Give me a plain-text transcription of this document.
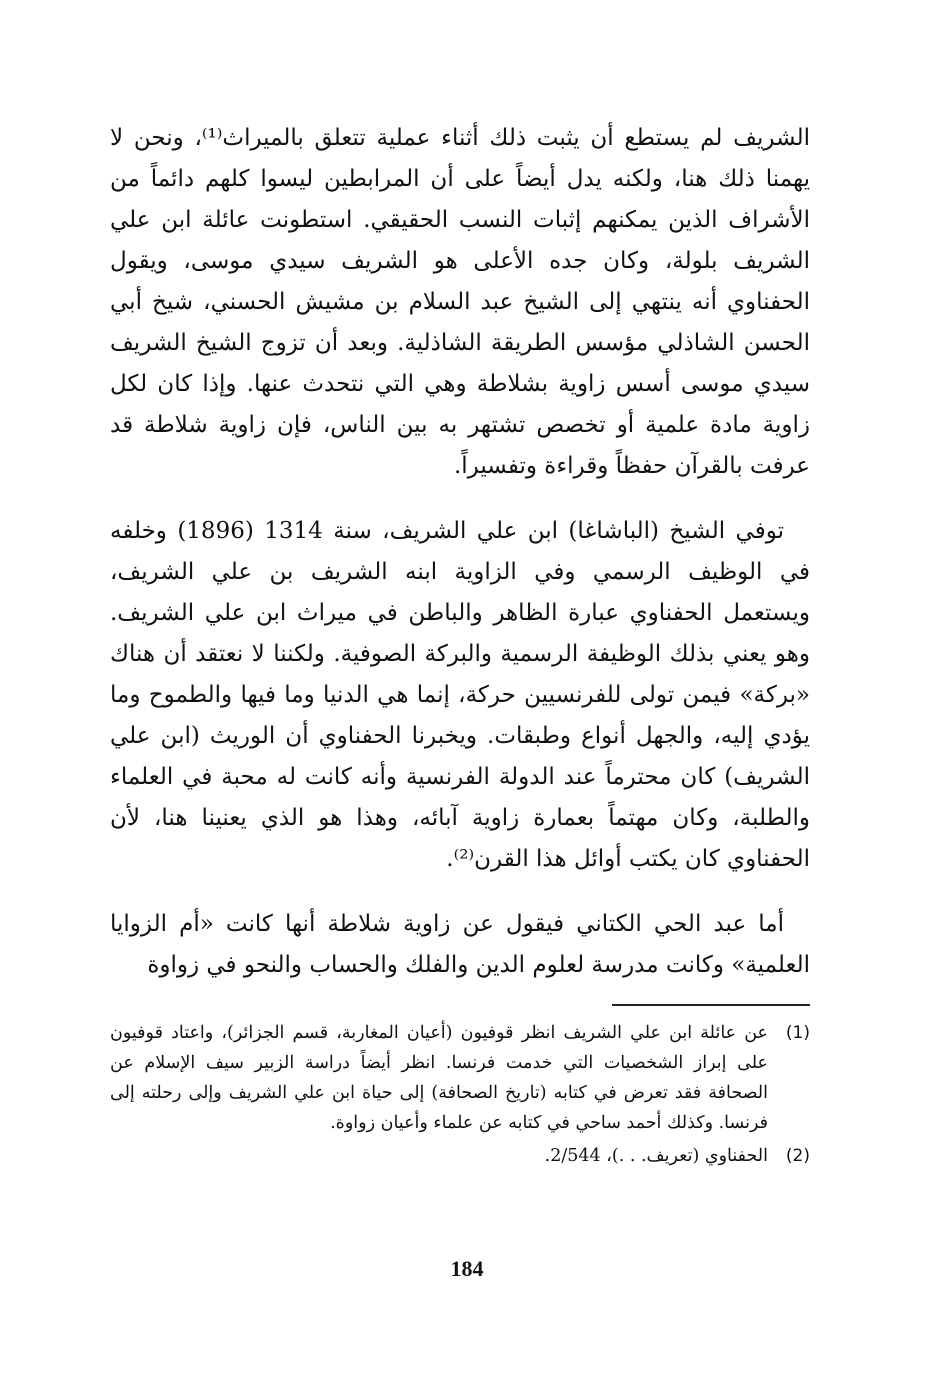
الشريف لم يستطع أن يثبت ذلك أثناء عملية تتعلق بالميراث⁽¹⁾، ونحن لا يهمنا ذلك هنا، ولكنه يدل أيضاً على أن المرابطين ليسوا كلهم دائماً من الأشراف الذين يمكنهم إثبات النسب الحقيقي. استطونت عائلة ابن علي الشريف بلولة، وكان جده الأعلى هو الشريف سيدي موسى، ويقول الحفناوي أنه ينتهي إلى الشيخ عبد السلام بن مشيش الحسني، شيخ أبي الحسن الشاذلي مؤسس الطريقة الشاذلية. وبعد أن تزوج الشيخ الشريف سيدي موسى أسس زاوية بشلاطة وهي التي نتحدث عنها. وإذا كان لكل زاوية مادة علمية أو تخصص تشتهر به بين الناس، فإن زاوية شلاطة قد عرفت بالقرآن حفظاً وقراءة وتفسيراً.

توفي الشيخ (الباشاغا) ابن علي الشريف، سنة 1314 (1896) وخلفه في الوظيف الرسمي وفي الزاوية ابنه الشريف بن علي الشريف، ويستعمل الحفناوي عبارة الظاهر والباطن في ميراث ابن علي الشريف. وهو يعني بذلك الوظيفة الرسمية والبركة الصوفية. ولكننا لا نعتقد أن هناك «بركة» فيمن تولى للفرنسيين حركة، إنما هي الدنيا وما فيها والطموح وما يؤدي إليه، والجهل أنواع وطبقات. ويخبرنا الحفناوي أن الوريث (ابن علي الشريف) كان محترماً عند الدولة الفرنسية وأنه كانت له محبة في العلماء والطلبة، وكان مهتماً بعمارة زاوية آبائه، وهذا هو الذي يعنينا هنا، لأن الحفناوي كان يكتب أوائل هذا القرن⁽²⁾.

أما عبد الحي الكتاني فيقول عن زاوية شلاطة أنها كانت «أم الزوايا العلمية» وكانت مدرسة لعلوم الدين والفلك والحساب والنحو في زواوة

(1)
عن عائلة ابن علي الشريف انظر قوفيون (أعيان المغاربة، قسم الجزائر)، واعتاد قوفيون على إبراز الشخصيات التي خدمت فرنسا. انظر أيضاً دراسة الزبير سيف الإسلام عن الصحافة فقد تعرض في كتابه (تاريخ الصحافة) إلى حياة ابن علي الشريف وإلى رحلته إلى فرنسا. وكذلك أحمد ساحي في كتابه عن علماء وأعيان زواوة.
(2)
الحفناوي (تعريف. . .)، 2/544.
184
